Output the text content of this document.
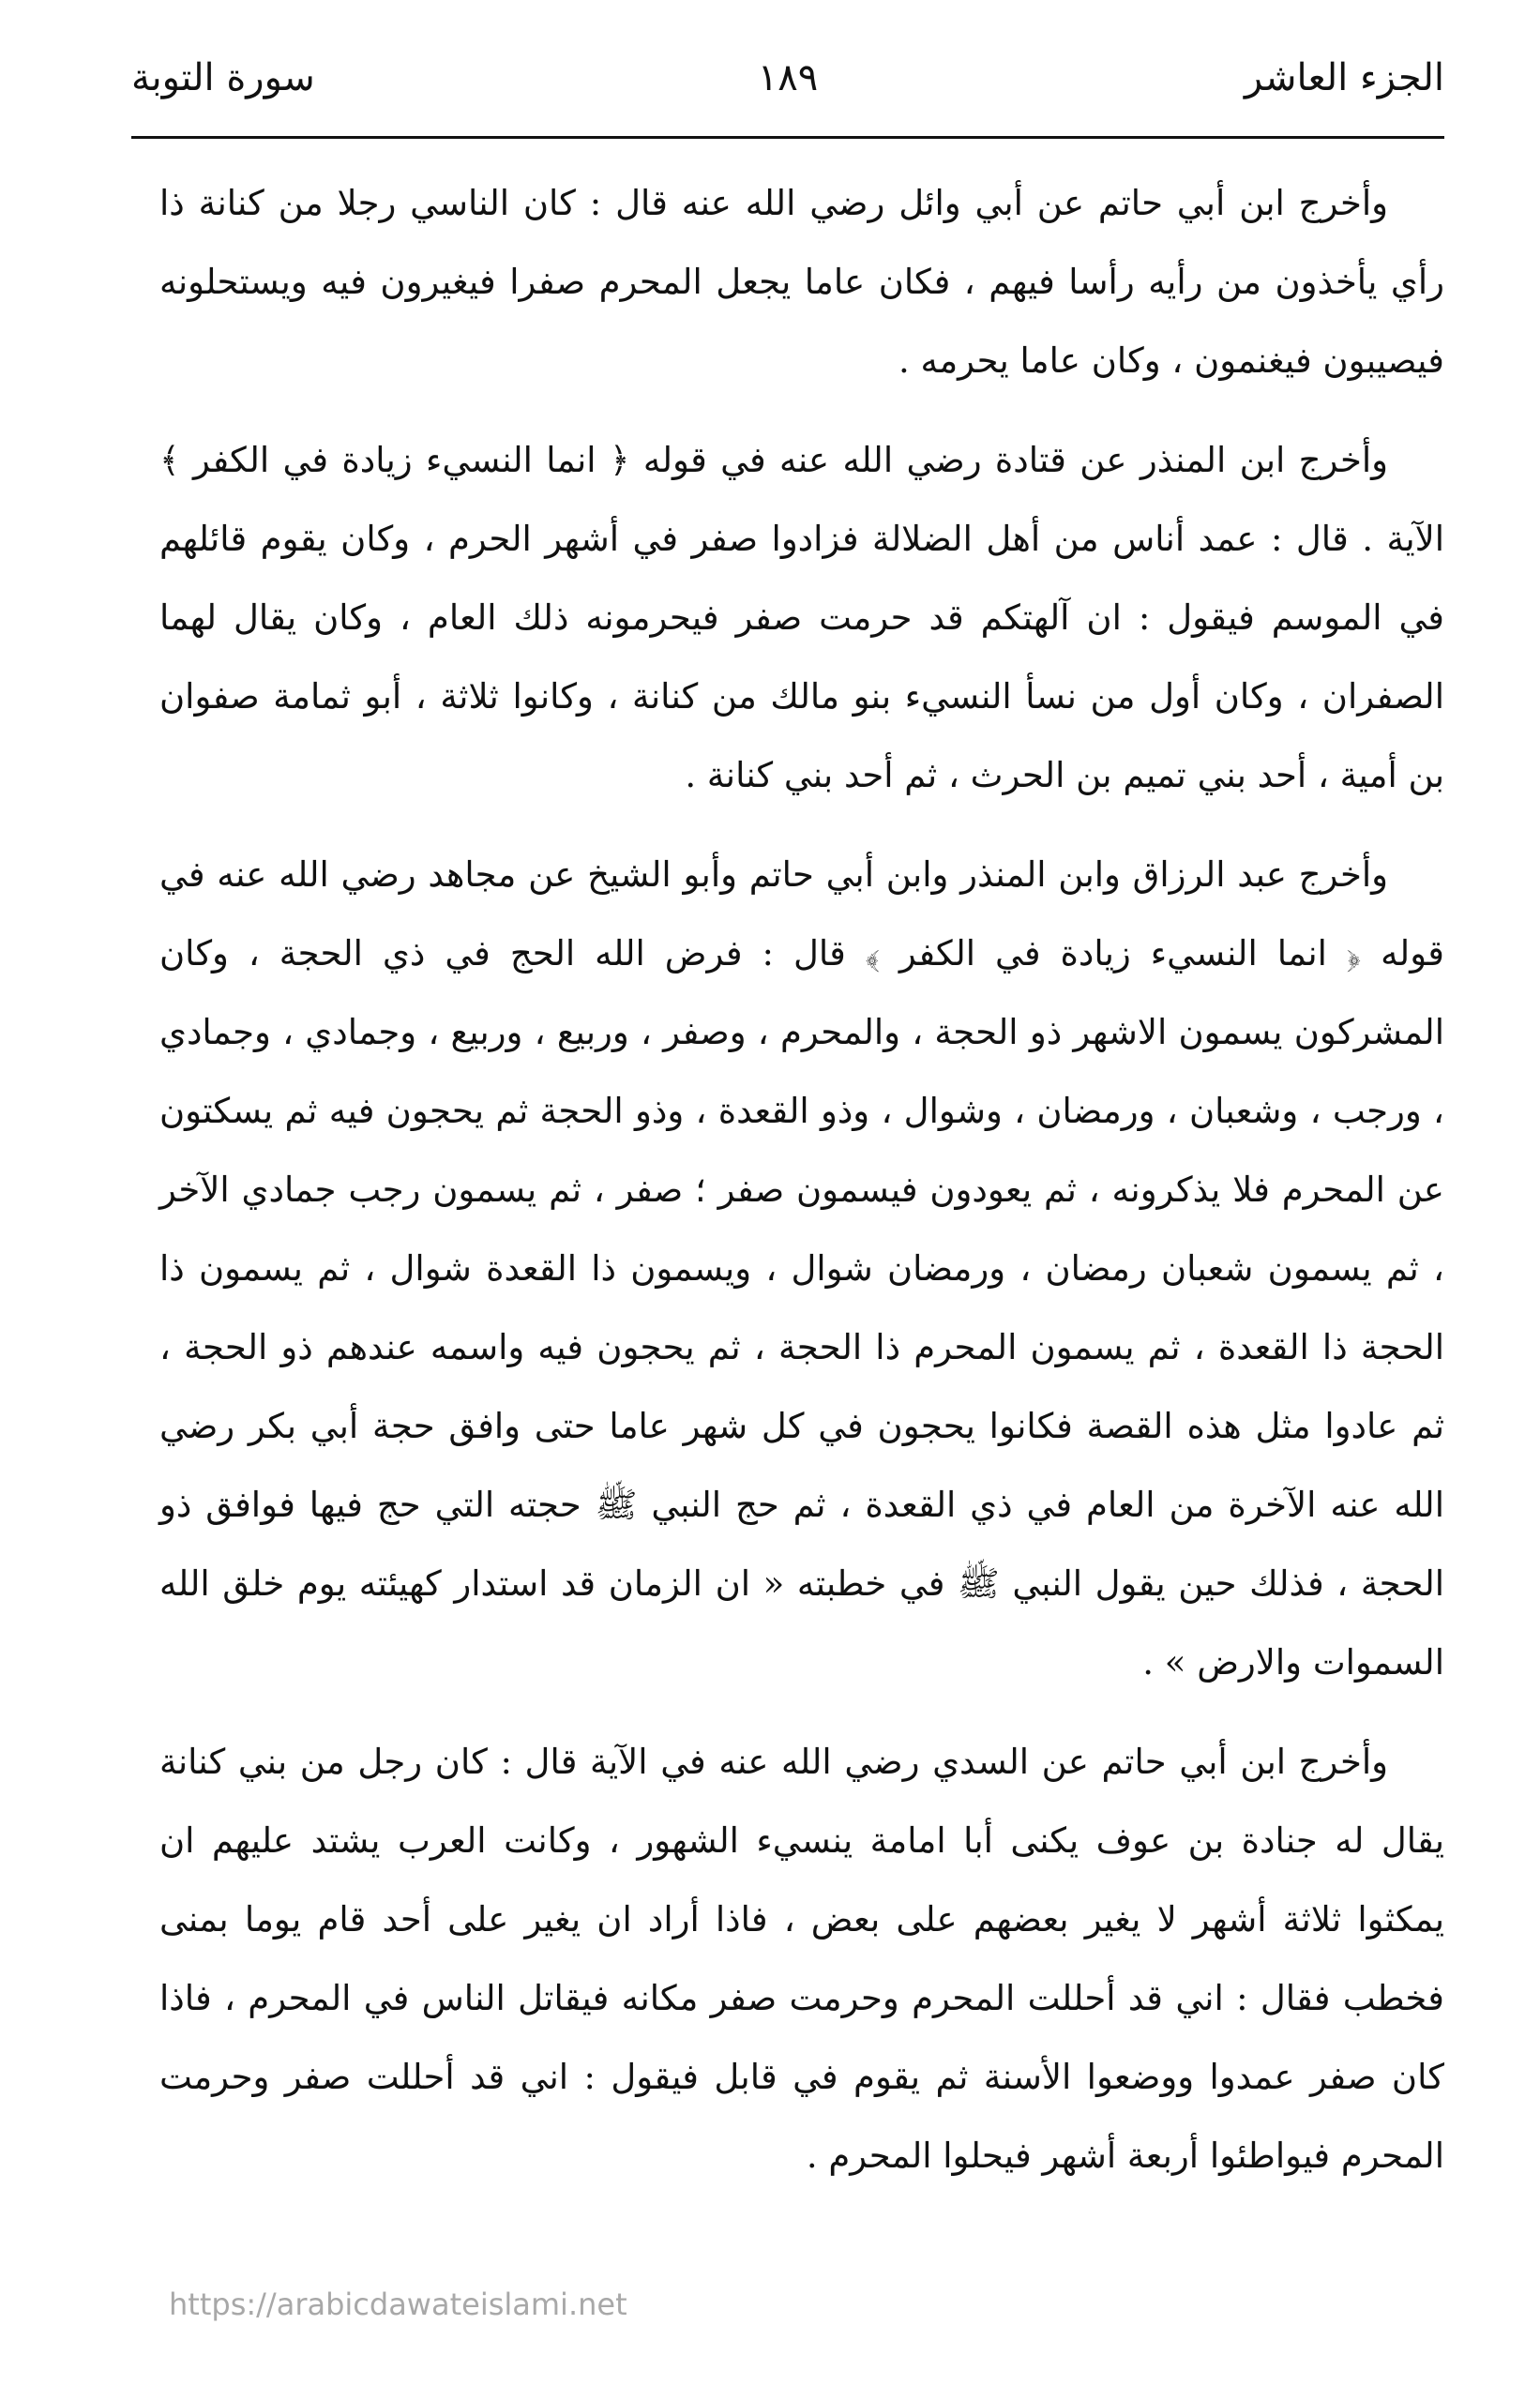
الجزء العاشر
١٨٩
سورة التوبة

وأخرج ابن أبي حاتم عن أبي وائل رضي الله عنه قال : كان الناسي رجلا من كنانة ذا رأي يأخذون من رأيه رأسا فيهم ، فكان عاما يجعل المحرم صفرا فيغيرون فيه ويستحلونه فيصيبون فيغنمون ، وكان عاما يحرمه .

وأخرج ابن المنذر عن قتادة رضي الله عنه في قوله ﴿ انما النسيء زيادة في الكفر ﴾ الآية . قال : عمد أناس من أهل الضلالة فزادوا صفر في أشهر الحرم ، وكان يقوم قائلهم في الموسم فيقول : ان آلهتكم قد حرمت صفر فيحرمونه ذلك العام ، وكان يقال لهما الصفران ، وكان أول من نسأ النسيء بنو مالك من كنانة ، وكانوا ثلاثة ، أبو ثمامة صفوان بن أمية ، أحد بني تميم بن الحرث ، ثم أحد بني كنانة .

وأخرج عبد الرزاق وابن المنذر وابن أبي حاتم وأبو الشيخ عن مجاهد رضي الله عنه في قوله ﴿ انما النسيء زيادة في الكفر ﴾ قال : فرض الله الحج في ذي الحجة ، وكان المشركون يسمون الاشهر ذو الحجة ، والمحرم ، وصفر ، وربيع ، وربيع ، وجمادي ، وجمادي ، ورجب ، وشعبان ، ورمضان ، وشوال ، وذو القعدة ، وذو الحجة ثم يحجون فيه ثم يسكتون عن المحرم فلا يذكرونه ، ثم يعودون فيسمون صفر ؛ صفر ، ثم يسمون رجب جمادي الآخر ، ثم يسمون شعبان رمضان ، ورمضان شوال ، ويسمون ذا القعدة شوال ، ثم يسمون ذا الحجة ذا القعدة ، ثم يسمون المحرم ذا الحجة ، ثم يحجون فيه واسمه عندهم ذو الحجة ، ثم عادوا مثل هذه القصة فكانوا يحجون في كل شهر عاما حتى وافق حجة أبي بكر رضي الله عنه الآخرة من العام في ذي القعدة ، ثم حج النبي ﷺ حجته التي حج فيها فوافق ذو الحجة ، فذلك حين يقول النبي ﷺ في خطبته « ان الزمان قد استدار كهيئته يوم خلق الله السموات والارض » .

وأخرج ابن أبي حاتم عن السدي رضي الله عنه في الآية قال : كان رجل من بني كنانة يقال له جنادة بن عوف يكنى أبا امامة ينسيء الشهور ، وكانت العرب يشتد عليهم ان يمكثوا ثلاثة أشهر لا يغير بعضهم على بعض ، فاذا أراد ان يغير على أحد قام يوما بمنى فخطب فقال : اني قد أحللت المحرم وحرمت صفر مكانه فيقاتل الناس في المحرم ، فاذا كان صفر عمدوا ووضعوا الأسنة ثم يقوم في قابل فيقول : اني قد أحللت صفر وحرمت المحرم فيواطئوا أربعة أشهر فيحلوا المحرم .

https://arabicdawateislami.net
